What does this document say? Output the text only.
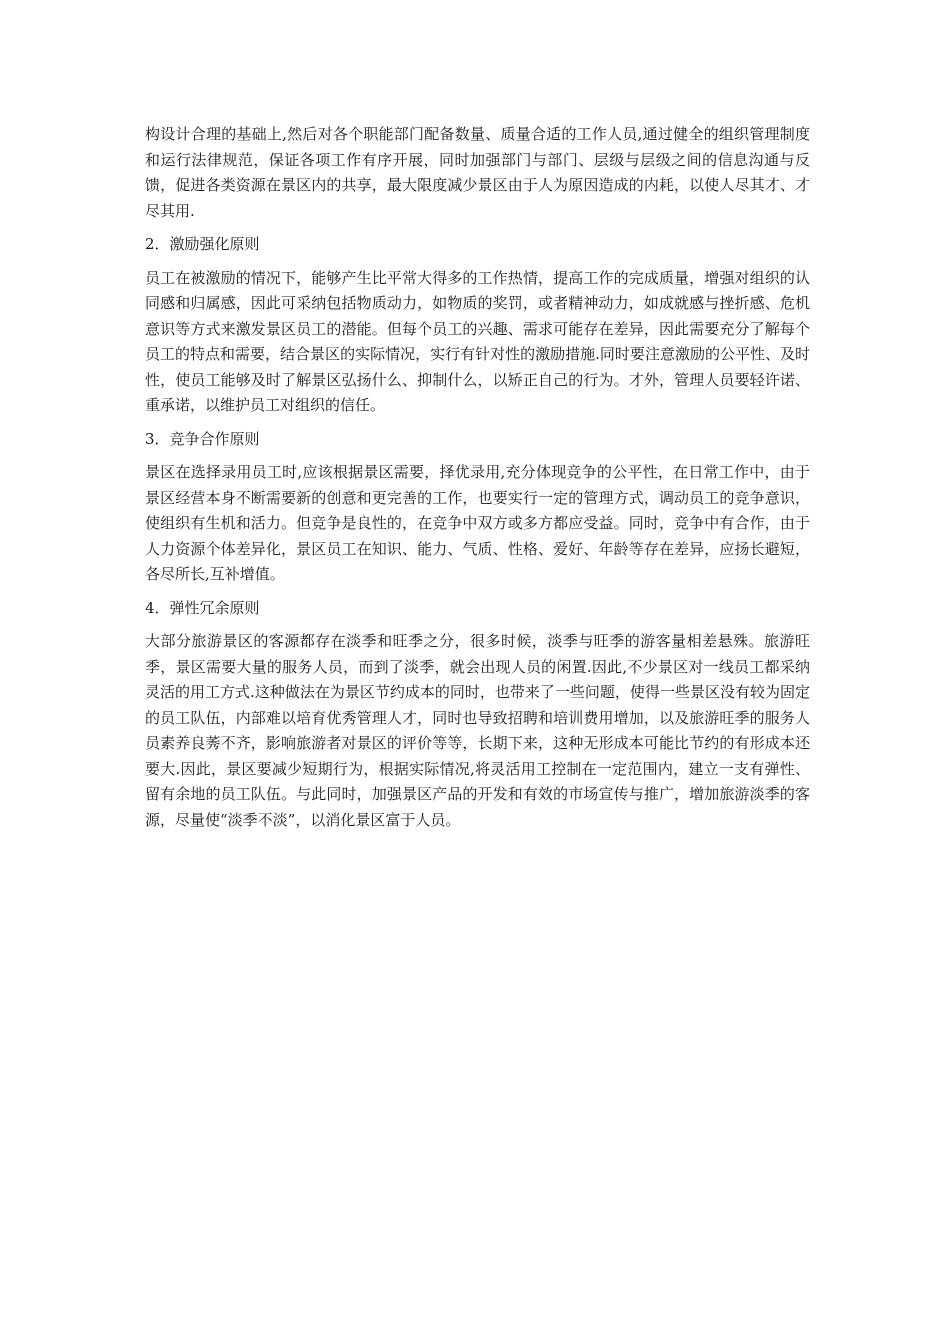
构设计合理的基础上,然后对各个职能部门配备数量、质量合适的工作人员,通过健全的组织管理制度和运行法律规范，保证各项工作有序开展，同时加强部门与部门、层级与层级之间的信息沟通与反馈，促进各类资源在景区内的共享，最大限度减少景区由于人为原因造成的内耗，以使人尽其才、才尽其用.

2．激励强化原则

员工在被激励的情况下，能够产生比平常大得多的工作热情，提高工作的完成质量，增强对组织的认同感和归属感，因此可采纳包括物质动力，如物质的奖罚，或者精神动力，如成就感与挫折感、危机意识等方式来激发景区员工的潜能。但每个员工的兴趣、需求可能存在差异，因此需要充分了解每个员工的特点和需要，结合景区的实际情况，实行有针对性的激励措施.同时要注意激励的公平性、及时性，使员工能够及时了解景区弘扬什么、抑制什么，以矫正自己的行为。才外，管理人员要轻许诺、重承诺，以维护员工对组织的信任。

3．竞争合作原则

景区在选择录用员工时,应该根据景区需要，择优录用,充分体现竞争的公平性，在日常工作中，由于景区经营本身不断需要新的创意和更完善的工作，也要实行一定的管理方式，调动员工的竞争意识，使组织有生机和活力。但竞争是良性的，在竞争中双方或多方都应受益。同时，竞争中有合作，由于人力资源个体差异化，景区员工在知识、能力、气质、性格、爱好、年龄等存在差异，应扬长避短，各尽所长,互补增值。

4．弹性冗余原则

大部分旅游景区的客源都存在淡季和旺季之分，很多时候，淡季与旺季的游客量相差悬殊。旅游旺季，景区需要大量的服务人员，而到了淡季，就会出现人员的闲置.因此,不少景区对一线员工都采纳灵活的用工方式.这种做法在为景区节约成本的同时，也带来了一些问题，使得一些景区没有较为固定的员工队伍，内部难以培育优秀管理人才，同时也导致招聘和培训费用增加，以及旅游旺季的服务人员素养良莠不齐，影响旅游者对景区的评价等等，长期下来，这种无形成本可能比节约的有形成本还要大.因此，景区要减少短期行为，根据实际情况,将灵活用工控制在一定范围内，建立一支有弹性、留有余地的员工队伍。与此同时，加强景区产品的开发和有效的市场宣传与推广，增加旅游淡季的客源，尽量使“淡季不淡”，以消化景区富于人员。
